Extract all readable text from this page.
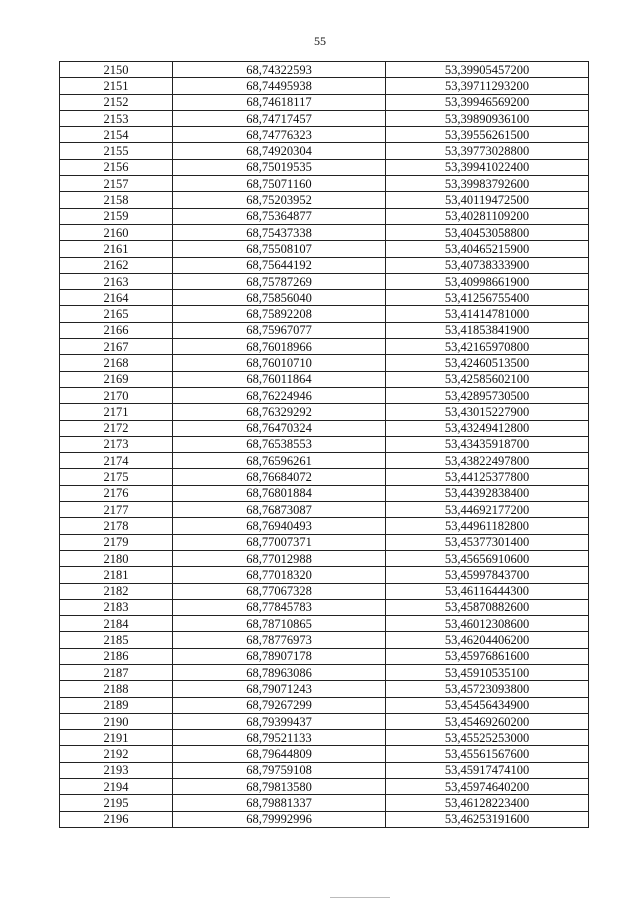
55
2150	68,74322593	53,39905457200
2151	68,74495938	53,39711293200
2152	68,74618117	53,39946569200
2153	68,74717457	53,39890936100
2154	68,74776323	53,39556261500
2155	68,74920304	53,39773028800
2156	68,75019535	53,39941022400
2157	68,75071160	53,39983792600
2158	68,75203952	53,40119472500
2159	68,75364877	53,40281109200
2160	68,75437338	53,40453058800
2161	68,75508107	53,40465215900
2162	68,75644192	53,40738333900
2163	68,75787269	53,40998661900
2164	68,75856040	53,41256755400
2165	68,75892208	53,41414781000
2166	68,75967077	53,41853841900
2167	68,76018966	53,42165970800
2168	68,76010710	53,42460513500
2169	68,76011864	53,42585602100
2170	68,76224946	53,42895730500
2171	68,76329292	53,43015227900
2172	68,76470324	53,43249412800
2173	68,76538553	53,43435918700
2174	68,76596261	53,43822497800
2175	68,76684072	53,44125377800
2176	68,76801884	53,44392838400
2177	68,76873087	53,44692177200
2178	68,76940493	53,44961182800
2179	68,77007371	53,45377301400
2180	68,77012988	53,45656910600
2181	68,77018320	53,45997843700
2182	68,77067328	53,46116444300
2183	68,77845783	53,45870882600
2184	68,78710865	53,46012308600
2185	68,78776973	53,46204406200
2186	68,78907178	53,45976861600
2187	68,78963086	53,45910535100
2188	68,79071243	53,45723093800
2189	68,79267299	53,45456434900
2190	68,79399437	53,45469260200
2191	68,79521133	53,45525253000
2192	68,79644809	53,45561567600
2193	68,79759108	53,45917474100
2194	68,79813580	53,45974640200
2195	68,79881337	53,46128223400
2196	68,79992996	53,46253191600
